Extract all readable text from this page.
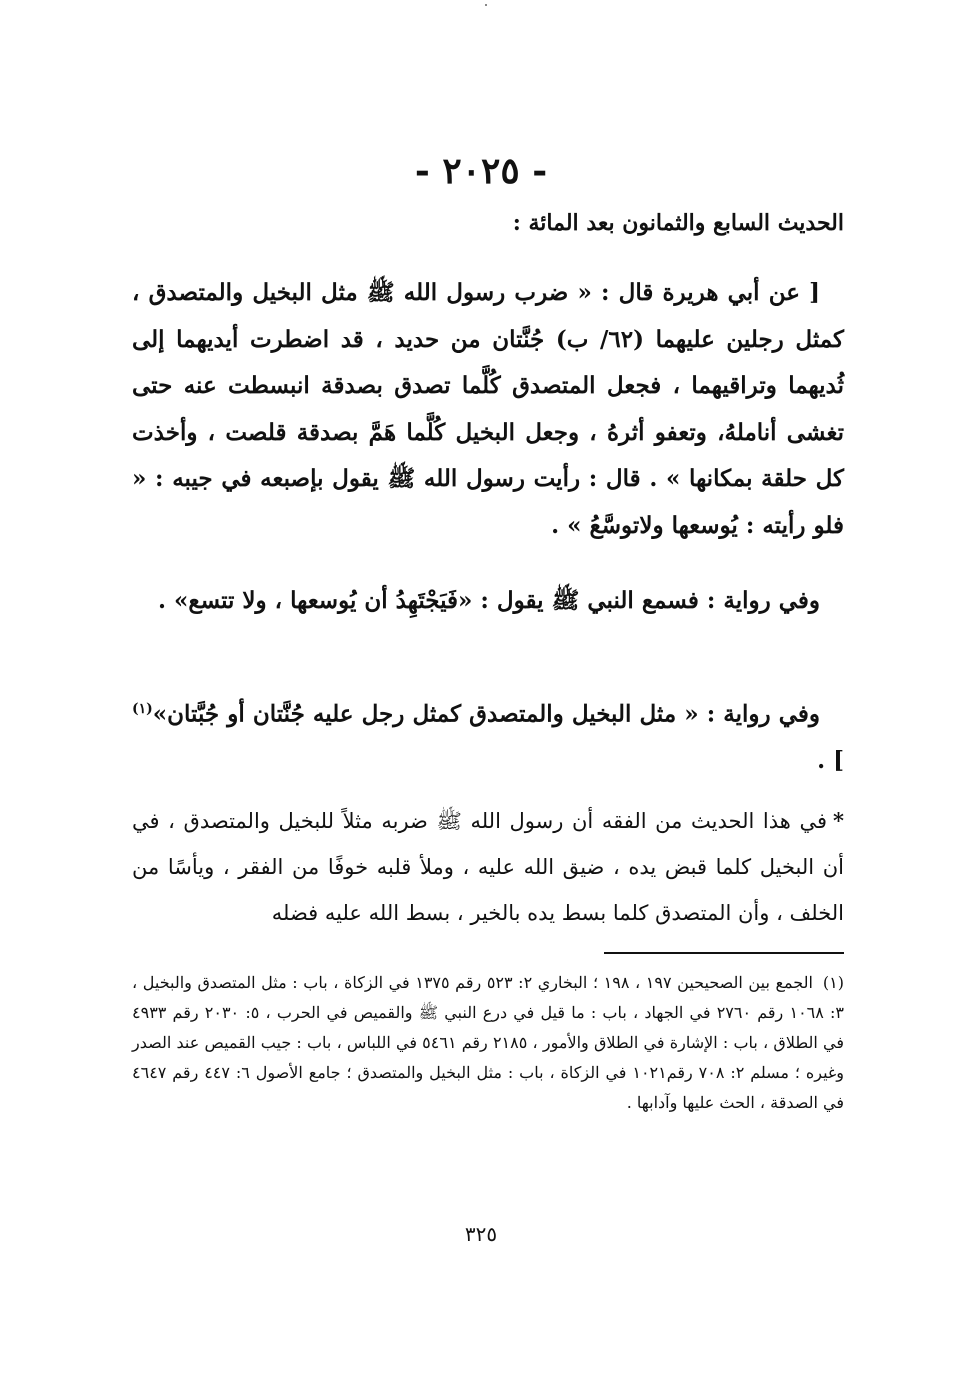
- ٢٠٢٥ -
الحديث السابع والثمانون بعد المائة :

[ عن أبي هريرة قال : « ضرب رسول الله ﷺ مثل البخيل والمتصدق ، كمثل رجلين عليهما (٦٢/ ب) جُنَّتان من حديد ، قد اضطرت أيديهما إلى ثُديهما وتراقيهما ، فجعل المتصدق كُلَّما تصدق بصدقة انبسطت عنه حتى تغشى أناملهُ، وتعفو أثرهُ ، وجعل البخيل كُلَّما هَمَّ بصدقة قلصت ، وأخذت كل حلقة بمكانها » . قال : رأيت رسول الله ﷺ يقول بإصبعه في جيبه : « فلو رأيته : يُوسعها ولاتوسَّعُ » .

وفي رواية : فسمع النبي ﷺ يقول : «فَيَجْتَهِدُ أن يُوسعها ، ولا تتسع» .
وفي رواية : « مثل البخيل والمتصدق كمثل رجل عليه جُنَّتان أو جُبَّتان»$^{(١)}$ ] .
*في هذا الحديث من الفقه أن رسول الله ﷺ ضربه مثلاً للبخيل والمتصدق ، في أن البخيل كلما قبض يده ، ضيق الله عليه ، وملأ قلبه خوفًا من الفقر ، ويأسًا من الخلف ، وأن المتصدق كلما بسط يده بالخير ، بسط الله عليه فضله
(١)الجمع بين الصحيحين ١٩٧ ، ١٩٨ ؛ البخاري ٢: ٥٢٣ رقم ١٣٧٥ في الزكاة ، باب : مثل المتصدق والبخيل ، ٣: ١٠٦٨ رقم ٢٧٦٠ في الجهاد ، باب : ما قيل في درع النبي ﷺ والقميص في الحرب ، ٥: ٢٠٣٠ رقم ٤٩٣٣ في الطلاق ، باب : الإشارة في الطلاق والأمور ، ٢١٨٥ رقم ٥٤٦١ في اللباس ، باب : جيب القميص عند الصدر وغيره ؛ مسلم ٢: ٧٠٨ رقم١٠٢١ في الزكاة ، باب : مثل البخيل والمتصدق ؛ جامع الأصول ٦: ٤٤٧ رقم ٤٦٤٧ في الصدقة ، الحث عليها وآدابها .
٣٢٥
